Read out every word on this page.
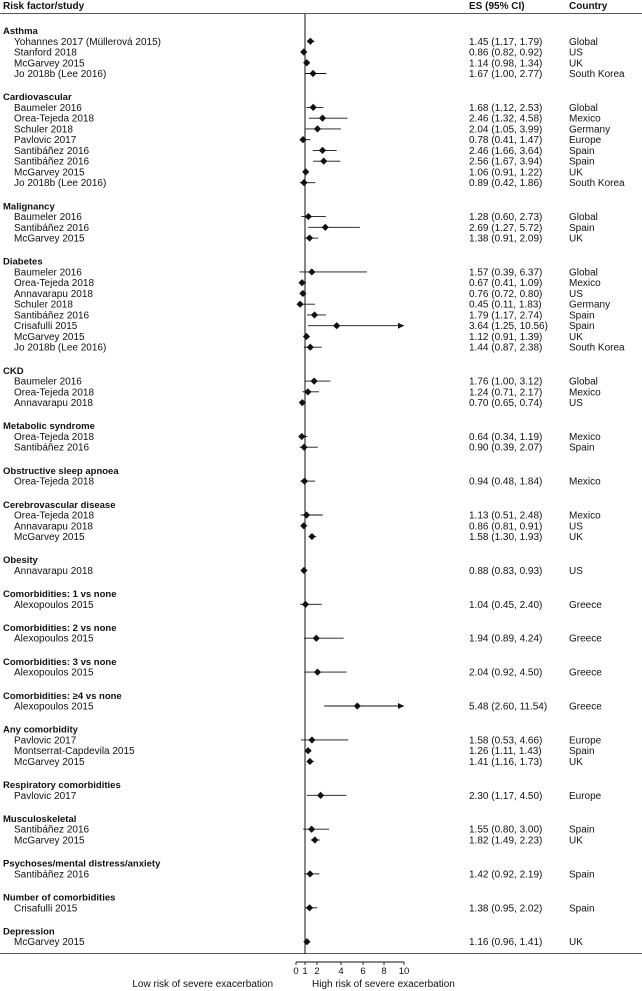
Risk factor/study	ES (95% CI)	Country
Asthma
Yohannes 2017 (Müllerová 2015)	1.45 (1.17, 1.79)	Global
Stanford 2018	0.86 (0.82, 0.92)	US
McGarvey 2015	1.14 (0.98, 1.34)	UK
Jo 2018b (Lee 2016)	1.67 (1.00, 2.77)	South Korea
Cardiovascular
Baumeler 2016	1.68 (1.12, 2.53)	Global
Orea-Tejeda 2018	2.46 (1.32, 4.58)	Mexico
Schuler 2018	2.04 (1.05, 3.99)	Germany
Pavlovic 2017	0.78 (0.41, 1.47)	Europe
Santibáñez 2016	2.46 (1.66, 3.64)	Spain
Santibáñez 2016	2.56 (1.67, 3.94)	Spain
McGarvey 2015	1.06 (0.91, 1.22)	UK
Jo 2018b (Lee 2016)	0.89 (0.42, 1.86)	South Korea
Malignancy
Baumeler 2016	1.28 (0.60, 2.73)	Global
Santibáñez 2016	2.69 (1.27, 5.72)	Spain
McGarvey 2015	1.38 (0.91, 2.09)	UK
Diabetes
Baumeler 2016	1.57 (0.39, 6.37)	Global
Orea-Tejeda 2018	0.67 (0.41, 1.09)	Mexico
Annavarapu 2018	0.76 (0.72, 0.80)	US
Schuler 2018	0.45 (0.11, 1.83)	Germany
Santibáñez 2016	1.79 (1.17, 2.74)	Spain
Crisafulli 2015	3.64 (1.25, 10.56) Spain
McGarvey 2015	1.12 (0.91, 1.39)	UK
Jo 2018b (Lee 2016)	1.44 (0.87, 2.38)	South Korea
CKD
Baumeler 2016	1.76 (1.00, 3.12)	Global
Orea-Tejeda 2018	1.24 (0.71, 2.17)	Mexico
Annavarapu 2018	0.70 (0.65, 0.74)	US
Metabolic syndrome
Orea-Tejeda 2018	0.64 (0.34, 1.19)	Mexico
Santibáñez 2016	0.90 (0.39, 2.07)	Spain
Obstructive sleep apnoea
Orea-Tejeda 2018	0.94 (0.48, 1.84)	Mexico
Cerebrovascular disease
Orea-Tejeda 2018	1.13 (0.51, 2.48)	Mexico
Annavarapu 2018	0.86 (0.81, 0.91)	US
McGarvey 2015	1.58 (1.30, 1.93)	UK
Obesity
Annavarapu 2018	0.88 (0.83, 0.93)	US
Comorbidities: 1 vs none
Alexopoulos 2015	1.04 (0.45, 2.40)	Greece
Comorbidities: 2 vs none
Alexopoulos 2015	1.94 (0.89, 4.24)	Greece
Comorbidities: 3 vs none
Alexopoulos 2015	2.04 (0.92, 4.50)	Greece
Comorbidities: ≥4 vs none
Alexopoulos 2015	5.48 (2.60, 11.54) Greece
Any comorbidity
Pavlovic 2017	1.58 (0.53, 4.66)	Europe
Montserrat-Capdevila 2015	1.26 (1.11, 1.43)	Spain
McGarvey 2015	1.41 (1.16, 1.73)	UK
Respiratory comorbidities
Pavlovic 2017	2.30 (1.17, 4.50)	Europe
Musculoskeletal
Santibáñez 2016	1.55 (0.80, 3.00)	Spain
McGarvey 2015	1.82 (1.49, 2.23)	UK
Psychoses/mental distress/anxiety
Santibáñez 2016	1.42 (0.92, 2.19)	Spain
Number of comorbidities
Crisafulli 2015	1.38 (0.95, 2.02)	Spain
Depression
McGarvey 2015	1.16 (0.96, 1.41)	UK
0 1 2 4 6 8 10
Low risk of severe exacerbation	High risk of severe exacerbation
